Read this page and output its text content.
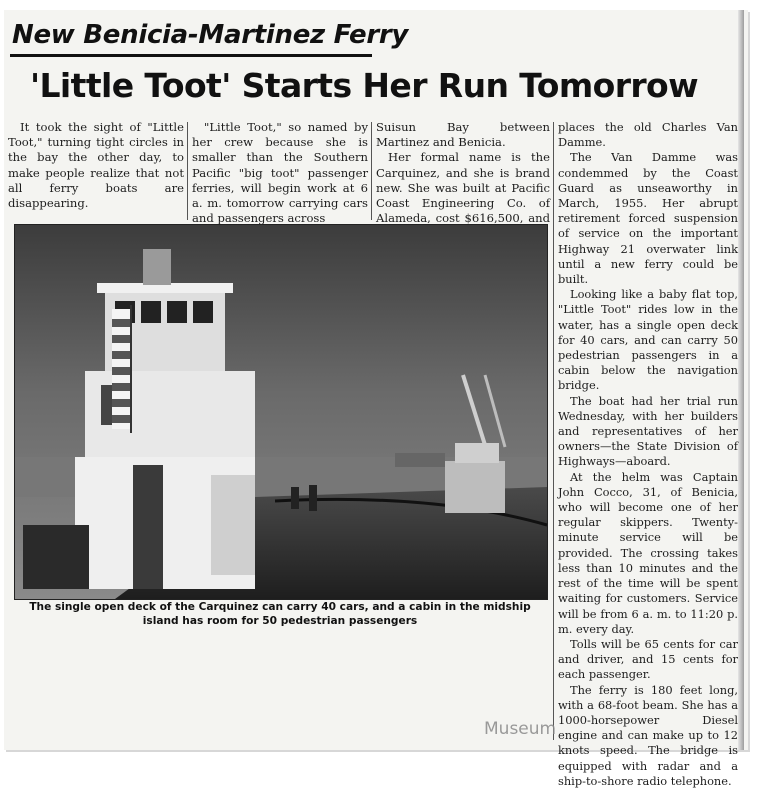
New Benicia-Martinez Ferry
'Little Toot' Starts Her Run Tomorrow

It took the sight of "Little Toot," turning tight circles in the bay the other day, to make people realize that not all ferry boats are disappearing.

"Little Toot," so named by her crew because she is smaller than the Southern Pacific "big toot" passenger ferries, will begin work at 6 a. m. tomorrow carrying cars and passengers across

Suisun Bay between Martinez and Benicia.

Her formal name is the Carquinez, and she is brand new. She was built at Pacific Coast Engineering Co. of Alameda, cost $616,500, and

places the old Charles Van Damme.

The Van Damme was condemmed by the Coast Guard as unseaworthy in March, 1955. Her abrupt retirement forced suspension of service on the important Highway 21 overwater link until a new ferry could be built.

Looking like a baby flat top, "Little Toot" rides low in the water, has a single open deck for 40 cars, and can carry 50 pedestrian passengers in a cabin below the navigation bridge.

The boat had her trial run Wednesday, with her builders and representatives of her owners—the State Division of Highways—aboard.

At the helm was Captain John Cocco, 31, of Benicia, who will become one of her regular skippers. Twenty-minute service will be provided. The crossing takes less than 10 minutes and the rest of the time will be spent waiting for customers. Service will be from 6 a. m. to 11:20 p. m. every day.

Tolls will be 65 cents for car and driver, and 15 cents for each passenger.

The ferry is 180 feet long, with a 68-foot beam. She has a 1000-horsepower Diesel engine and can make up to 12 knots speed. The bridge is equipped with radar and a ship-to-shore radio telephone.

The single open deck of the Carquinez can carry 40 cars, and a cabin in the midship island has room for 50 pedestrian passengers
Museum
